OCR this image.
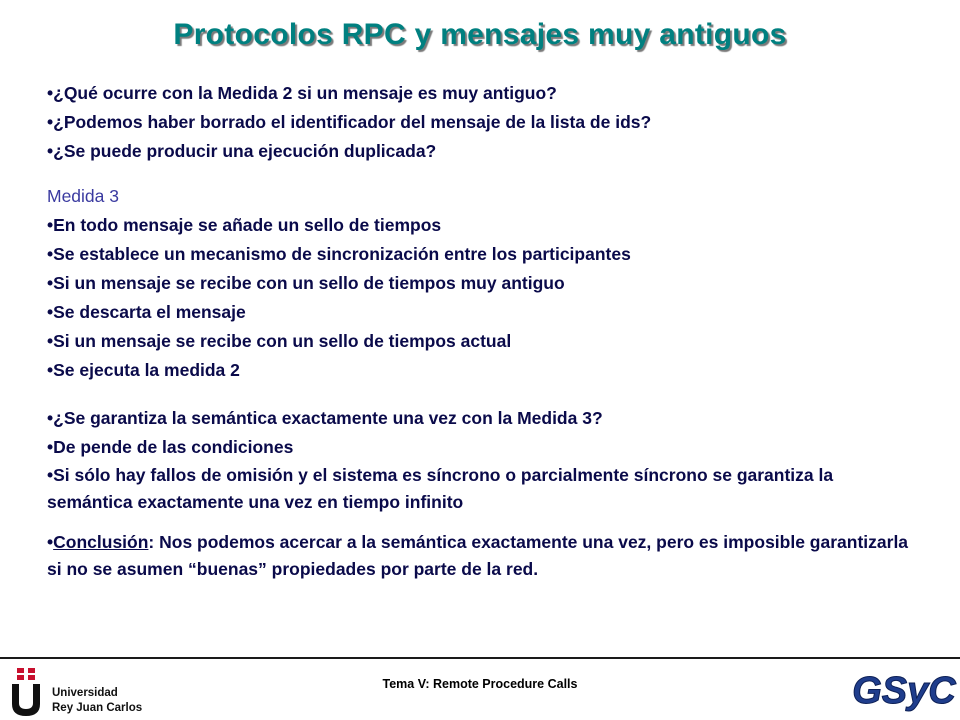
Protocolos RPC y mensajes muy antiguos
•¿Qué ocurre con la Medida 2 si un mensaje es muy antiguo?
•¿Podemos haber borrado el identificador del mensaje de la lista de ids?
•¿Se puede producir una ejecución duplicada?
Medida 3
•En todo mensaje se añade un sello de tiempos
•Se establece un mecanismo de sincronización entre los participantes
•Si un mensaje se recibe con un sello de tiempos muy antiguo
•Se descarta el mensaje
•Si un mensaje se recibe con un sello de tiempos actual
•Se ejecuta la medida 2
•¿Se garantiza la semántica exactamente una vez con la Medida 3?
•De pende de las condiciones
•Si sólo hay fallos de omisión y el sistema es síncrono o parcialmente síncrono se garantiza la semántica exactamente una vez en tiempo infinito
•Conclusión: Nos podemos acercar a la semántica exactamente una vez, pero es imposible garantizarla si no se asumen “buenas” propiedades por parte de la red.
Universidad
Rey Juan Carlos
Tema V: Remote Procedure Calls	GSyC
